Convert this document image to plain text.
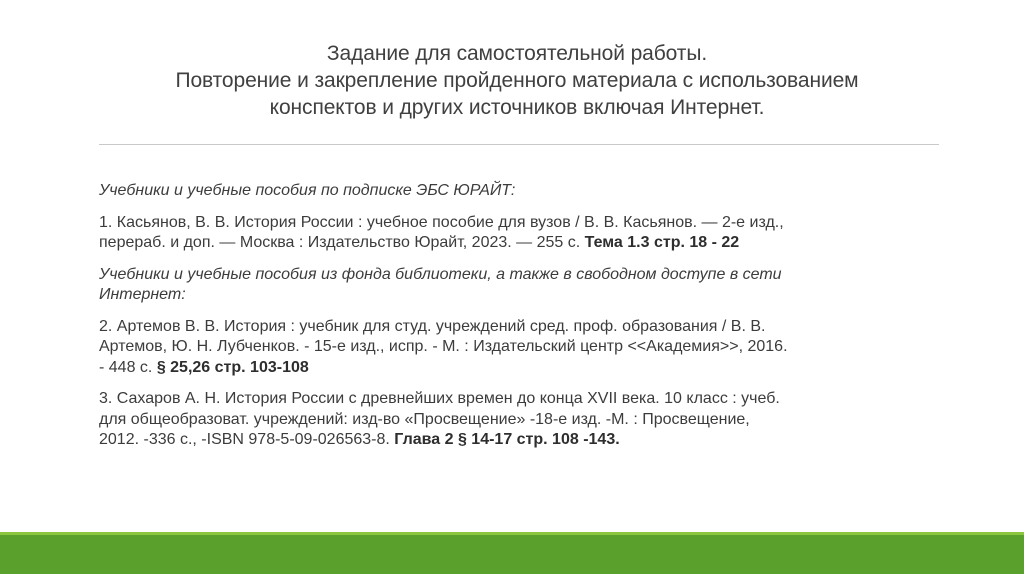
Задание для самостоятельной работы.
Повторение и закрепление пройденного материала с использованием
конспектов и других источников включая Интернет.

Учебники и учебные пособия по подписке ЭБС ЮРАЙТ:

1. Касьянов, В. В. История России : учебное пособие для вузов / В. В. Касьянов. — 2-е изд.,
перераб. и доп. — Москва : Издательство Юрайт, 2023. — 255 с. Тема 1.3 стр. 18 - 22

Учебники и учебные пособия из фонда библиотеки, а также в свободном доступе в сети
Интернет:

2. Артемов В. В. История : учебник для студ. учреждений сред. проф. образования / В. В.
Артемов, Ю. Н. Лубченков. - 15-е изд., испр. - М. : Издательский центр <<Академия>>, 2016.
- 448 с. § 25,26 стр. 103-108

3. Сахаров А. Н. История России с древнейших времен до конца XVII века. 10 класс : учеб.
для общеобразоват. учреждений: изд-во «Просвещение» -18-е изд. -М. : Просвещение,
2012. -336 с., -ISBN 978-5-09-026563-8. Глава 2 § 14-17 стр. 108 -143.
